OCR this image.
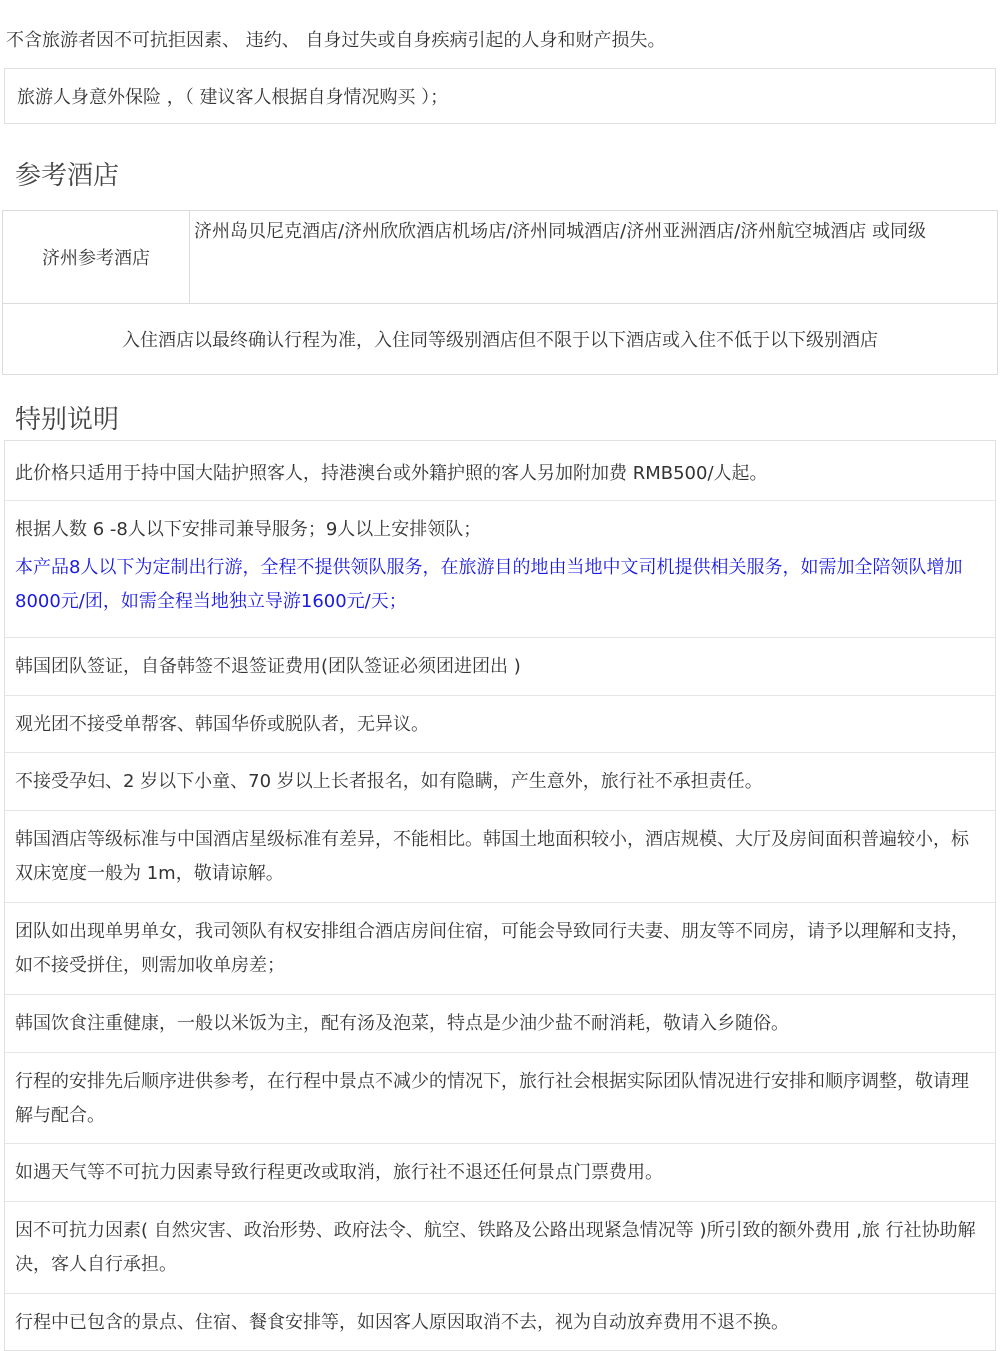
不含旅游者因不可抗拒因素、 违约、 自身过失或自身疾病引起的人身和财产损失。
旅游人身意外保险 ，（ 建议客人根据自身情况购买 ）；
参考酒店
济州参考酒店
济州岛贝尼克酒店/济州欣欣酒店机场店/济州同城酒店/济州亚洲酒店/济州航空城酒店 或同级
入住酒店以最终确认行程为准，入住同等级别酒店但不限于以下酒店或入住不低于以下级别酒店
特别说明

此价格只适用于持中国大陆护照客人，持港澳台或外籍护照的客人另加附加费 RMB500/人起。

根据人数 6 -8人以下安排司兼导服务；9人以上安排领队；

本产品8人以下为定制出行游，全程不提供领队服务，在旅游目的地由当地中文司机提供相关服务，如需加全陪领队增加8000元/团，如需全程当地独立导游1600元/天；

韩国团队签证，自备韩签不退签证费用(团队签证必须团进团出 )

观光团不接受单帮客、韩国华侨或脱队者，无异议。

不接受孕妇、2 岁以下小童、70 岁以上长者报名，如有隐瞒，产生意外，旅行社不承担责任。

韩国酒店等级标准与中国酒店星级标准有差异，不能相比。韩国土地面积较小，酒店规模、大厅及房间面积普遍较小，标双床宽度一般为 1m，敬请谅解。

团队如出现单男单女，我司领队有权安排组合酒店房间住宿，可能会导致同行夫妻、朋友等不同房，请予以理解和支持，如不接受拼住，则需加收单房差；

韩国饮食注重健康，一般以米饭为主，配有汤及泡菜，特点是少油少盐不耐消耗，敬请入乡随俗。

行程的安排先后顺序进供参考，在行程中景点不减少的情况下，旅行社会根据实际团队情况进行安排和顺序调整，敬请理解与配合。

如遇天气等不可抗力因素导致行程更改或取消，旅行社不退还任何景点门票费用。

因不可抗力因素( 自然灾害、政治形势、政府法令、航空、铁路及公路出现紧急情况等 )所引致的额外费用 ,旅 行社协助解决，客人自行承担。

行程中已包含的景点、住宿、餐食安排等，如因客人原因取消不去，视为自动放弃费用不退不换。
